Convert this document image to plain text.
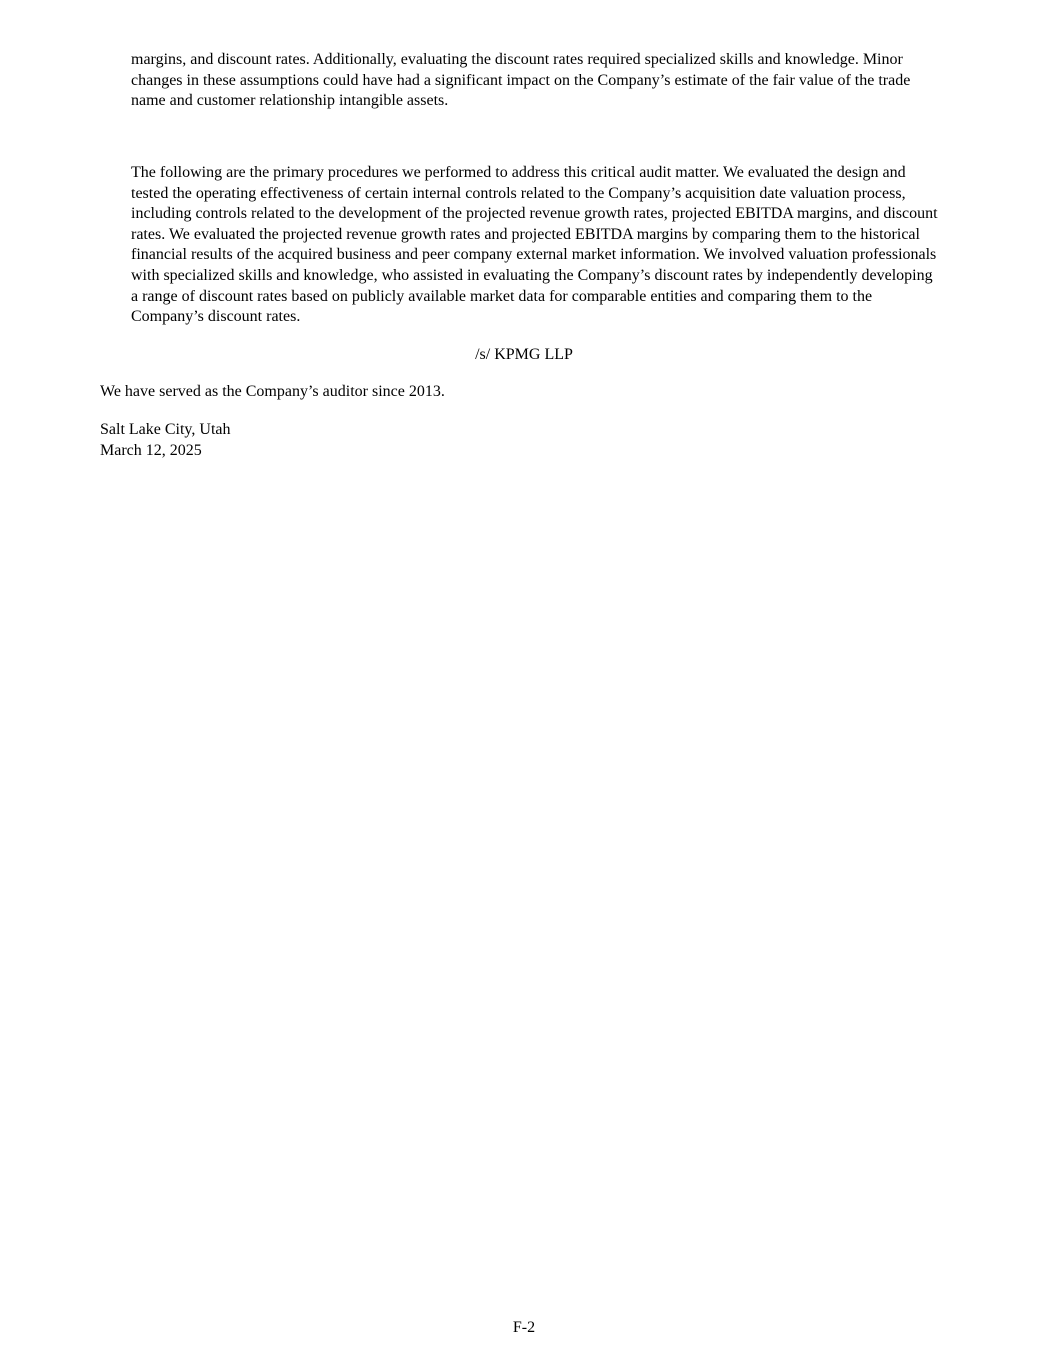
margins, and discount rates. Additionally, evaluating the discount rates required specialized skills and knowledge. Minor changes in these assumptions could have had a significant impact on the Company’s estimate of the fair value of the trade name and customer relationship intangible assets.

The following are the primary procedures we performed to address this critical audit matter. We evaluated the design and tested the operating effectiveness of certain internal controls related to the Company’s acquisition date valuation process, including controls related to the development of the projected revenue growth rates, projected EBITDA margins, and discount rates. We evaluated the projected revenue growth rates and projected EBITDA margins by comparing them to the historical financial results of the acquired business and peer company external market information. We involved valuation professionals with specialized skills and knowledge, who assisted in evaluating the Company’s discount rates by independently developing a range of discount rates based on publicly available market data for comparable entities and comparing them to the Company’s discount rates.

/s/ KPMG LLP

We have served as the Company’s auditor since 2013.

Salt Lake City, Utah
March 12, 2025

F-2
